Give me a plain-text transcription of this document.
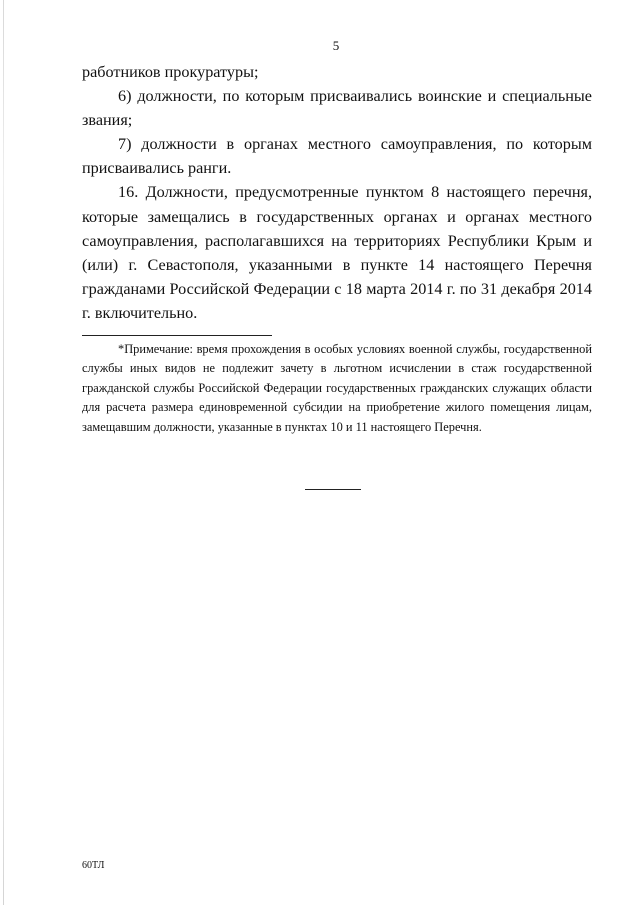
5

работников прокуратуры;

6) должности, по которым присваивались воинские и специальные звания;

7) должности в органах местного самоуправления, по которым присваивались ранги.

16. Должности, предусмотренные пунктом 8 настоящего перечня, которые замещались в государственных органах и органах местного самоуправления, располагавшихся на территориях Республики Крым и (или) г. Севастополя, указанными в пункте 14 настоящего Перечня гражданами Российской Федерации с 18 марта 2014 г. по 31 декабря 2014 г. включительно.

*Примечание: время прохождения в особых условиях военной службы, государственной службы иных видов не подлежит зачету в льготном исчислении в стаж государственной гражданской службы Российской Федерации государственных гражданских служащих области для расчета размера единовременной субсидии на приобретение жилого помещения лицам, замещавшим должности, указанные в пунктах 10 и 11 настоящего Перечня.

60ТЛ
